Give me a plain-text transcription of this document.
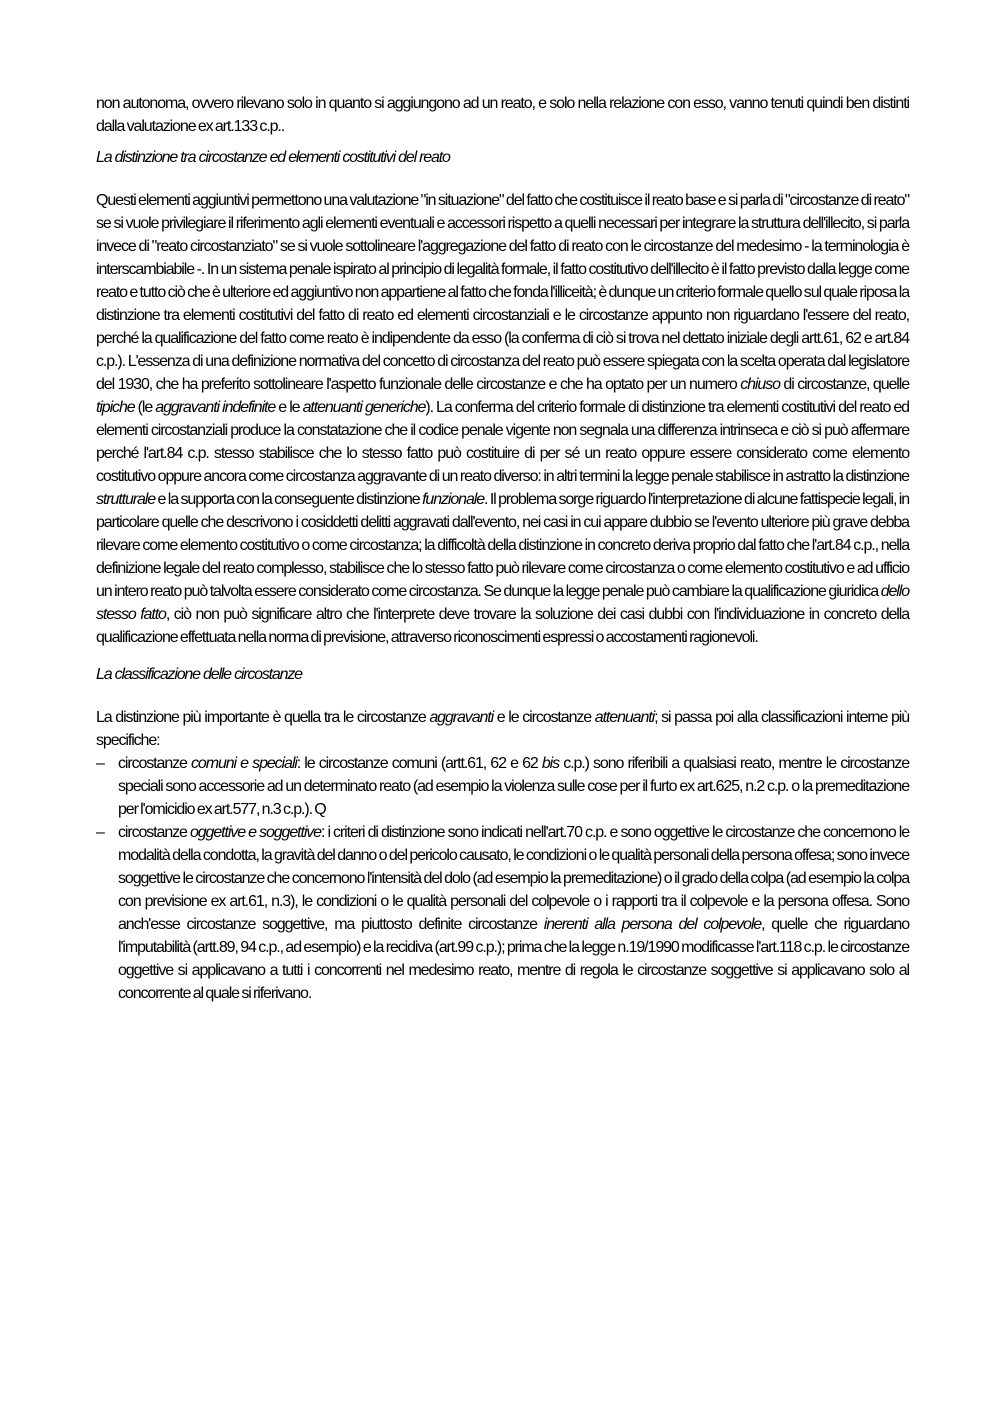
non autonoma, ovvero rilevano solo in quanto si aggiungono ad un reato, e solo nella relazione con esso, vanno tenuti quindi ben distinti dalla valutazione ex art.133 c.p..

La distinzione tra circostanze ed elementi costitutivi del reato

Questi elementi aggiuntivi permettono una valutazione "in situazione" del fatto che costituisce il reato base e si parla di "circostanze di reato" se si vuole privilegiare il riferimento agli elementi eventuali e accessori rispetto a quelli necessari per integrare la struttura dell'illecito, si parla invece di "reato circostanziato" se si vuole sottolineare l'aggregazione del fatto di reato con le circostanze del medesimo - la terminologia è interscambiabile -. In un sistema penale ispirato al principio di legalità formale, il fatto costitutivo dell'illecito è il fatto previsto dalla legge come reato e tutto ciò che è ulteriore ed aggiuntivo non appartiene al fatto che fonda l'illiceità; è dunque un criterio formale quello sul quale riposa la distinzione tra elementi costitutivi del fatto di reato ed elementi circostanziali e le circostanze appunto non riguardano l'essere del reato, perché la qualificazione del fatto come reato è indipendente da esso (la conferma di ciò si trova nel dettato iniziale degli artt.61, 62 e art.84 c.p.). L'essenza di una definizione normativa del concetto di circostanza del reato può essere spiegata con la scelta operata dal legislatore del 1930, che ha preferito sottolineare l'aspetto funzionale delle circostanze e che ha optato per un numero chiuso di circostanze, quelle tipiche (le aggravanti indefinite e le attenuanti generiche). La conferma del criterio formale di distinzione tra elementi costitutivi del reato ed elementi circostanziali produce la constatazione che il codice penale vigente non segnala una differenza intrinseca e ciò si può affermare perché l'art.84 c.p. stesso stabilisce che lo stesso fatto può costituire di per sé un reato oppure essere considerato come elemento costitutivo oppure ancora come circostanza aggravante di un reato diverso: in altri termini la legge penale stabilisce in astratto la distinzione strutturale e la supporta con la conseguente distinzione funzionale. Il problema sorge riguardo l'interpretazione di alcune fattispecie legali, in particolare quelle che descrivono i cosiddetti delitti aggravati dall'evento, nei casi in cui appare dubbio se l'evento ulteriore più grave debba rilevare come elemento costitutivo o come circostanza; la difficoltà della distinzione in concreto deriva proprio dal fatto che l'art.84 c.p., nella definizione legale del reato complesso, stabilisce che lo stesso fatto può rilevare come circostanza o come elemento costitutivo e ad ufficio un intero reato può talvolta essere considerato come circostanza. Se dunque la legge penale può cambiare la qualificazione giuridica dello stesso fatto, ciò non può significare altro che l'interprete deve trovare la soluzione dei casi dubbi con l'individuazione in concreto della qualificazione effettuata nella norma di previsione, attraverso riconoscimenti espressi o accostamenti ragionevoli.

La classificazione delle circostanze

La distinzione più importante è quella tra le circostanze aggravanti e le circostanze attenuanti; si passa poi alla classificazioni interne più specifiche:

– circostanze comuni e speciali: le circostanze comuni (artt.61, 62 e 62 bis c.p.) sono riferibili a qualsiasi reato, mentre le circostanze speciali sono accessorie ad un determinato reato (ad esempio la violenza sulle cose per il furto ex art.625, n.2 c.p. o la premeditazione per l'omicidio ex art.577, n.3 c.p.). Q
– circostanze oggettive e soggettive: i criteri di distinzione sono indicati nell'art.70 c.p. e sono oggettive le circostanze che concernono le modalità della condotta, la gravità del danno o del pericolo causato, le condizioni o le qualità personali della persona offesa; sono invece soggettive le circostanze che concernono l'intensità del dolo (ad esempio la premeditazione) o il grado della colpa (ad esempio la colpa con previsione ex art.61, n.3), le condizioni o le qualità personali del colpevole o i rapporti tra il colpevole e la persona offesa. Sono anch'esse circostanze soggettive, ma piuttosto definite circostanze inerenti alla persona del colpevole, quelle che riguardano l'imputabilità (artt.89, 94 c.p., ad esempio) e la recidiva (art.99 c.p.); prima che la legge n.19/1990 modificasse l'art.118 c.p. le circostanze oggettive si applicavano a tutti i concorrenti nel medesimo reato, mentre di regola le circostanze soggettive si applicavano solo al concorrente al quale si riferivano.
